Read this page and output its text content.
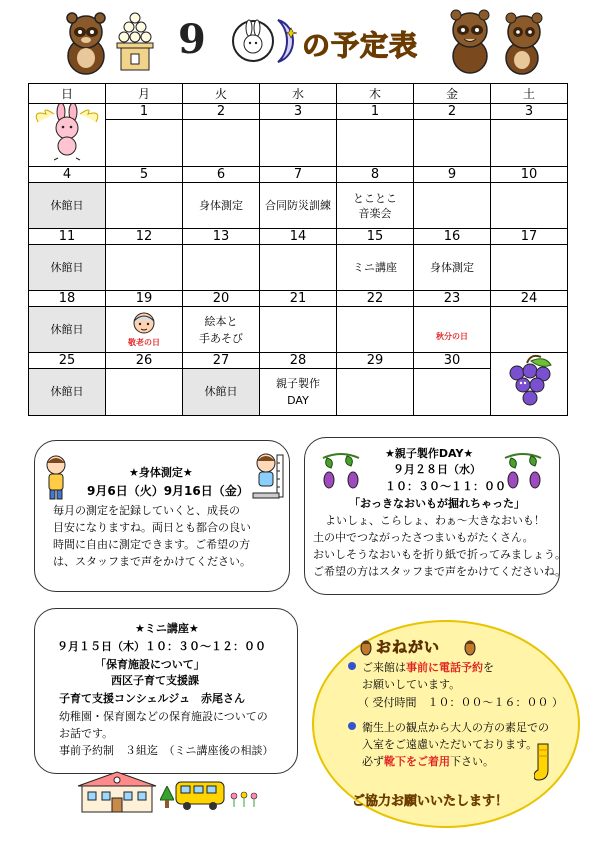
9	の予定表
日	月	火	水	木	金	土
	1	2	3	1	2	3

4	5	6	7	8	9	10
休館日		身体測定	合同防災訓練	とことこ
音楽会		
11	12	13	14	15	16	17
休館日				ミニ講座	身体測定	
18	19	20	21	22	23	24
休館日	敬老の日	絵本と
手あそび			秋分の日	
25	26	27	28	29	30	
休館日		休館日	親子製作
DAY			

★身体測定★

9月6日（火）9月16日（金）

毎月の測定を記録していくと、成長の

目安になりますね。両日とも都合の良い

時間に自由に測定できます。ご希望の方

は、スタッフまで声をかけてください。

★親子製作DAY★

９月２８日（水）

１０：３０～１１：００

「おっきなおいもが掘れちゃった」

よいしょ、こらしょ、わぁ～大きなおいも！

土の中でつながったさつまいもがたくさん。

おいしそうなおいもを折り紙で折ってみましょう。

ご希望の方はスタッフまで声をかけてくださいね。

★ミニ講座★

９月１５日（木）１０：３０～１２：００

「保育施設について」

西区子育て支援課

子育て支援コンシェルジュ　赤尾さん

幼稚園・保育園などの保育施設についての

お話です。

事前予約制　３組迄　（ミニ講座後の相談）

おねがい

ご来館は事前に電話予約を

お願いしています。

（ 受付時間　１０：００～１６：００ ）

衛生上の観点から大人の方の素足での

入室をご遠慮いただいております。

必ず靴下をご着用下さい。

ご協力お願いいたします！
